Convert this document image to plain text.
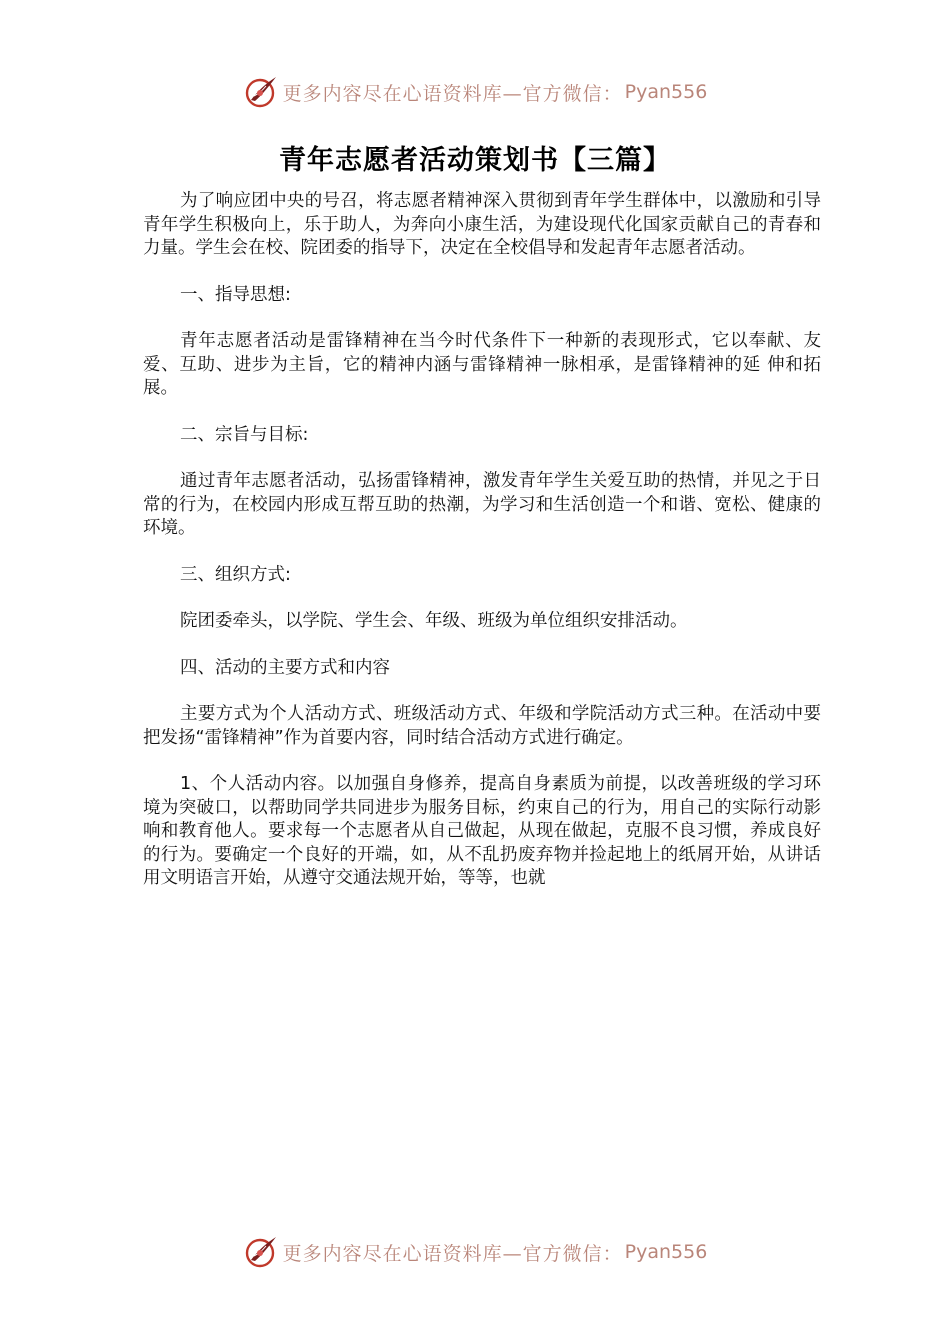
更多内容尽在心语资料库—官方微信： Pyan556
青年志愿者活动策划书【三篇】

为了响应团中央的号召，将志愿者精神深入贯彻到青年学生群体中，以激励和引导青年学生积极向上，乐于助人，为奔向小康生活，为建设现代化国家贡献自己的青春和力量。学生会在校、院团委的指导下，决定在全校倡导和发起青年志愿者活动。

一、指导思想:

青年志愿者活动是雷锋精神在当今时代条件下一种新的表现形式，它以奉献、友爱、互助、进步为主旨，它的精神内涵与雷锋精神一脉相承，是雷锋精神的延 伸和拓展。

二、宗旨与目标:

通过青年志愿者活动，弘扬雷锋精神，激发青年学生关爱互助的热情，并见之于日常的行为，在校园内形成互帮互助的热潮，为学习和生活创造一个和谐、宽松、健康的环境。

三、组织方式:

院团委牵头，以学院、学生会、年级、班级为单位组织安排活动。

四、活动的主要方式和内容

主要方式为个人活动方式、班级活动方式、年级和学院活动方式三种。在活动中要把发扬“雷锋精神”作为首要内容，同时结合活动方式进行确定。

1、个人活动内容。以加强自身修养，提高自身素质为前提，以改善班级的学习环境为突破口，以帮助同学共同进步为服务目标，约束自己的行为，用自己的实际行动影响和教育他人。要求每一个志愿者从自己做起，从现在做起，克服不良习惯，养成良好的行为。要确定一个良好的开端，如，从不乱扔废弃物并捡起地上的纸屑开始，从讲话用文明语言开始，从遵守交通法规开始，等等，也就

更多内容尽在心语资料库—官方微信： Pyan556
